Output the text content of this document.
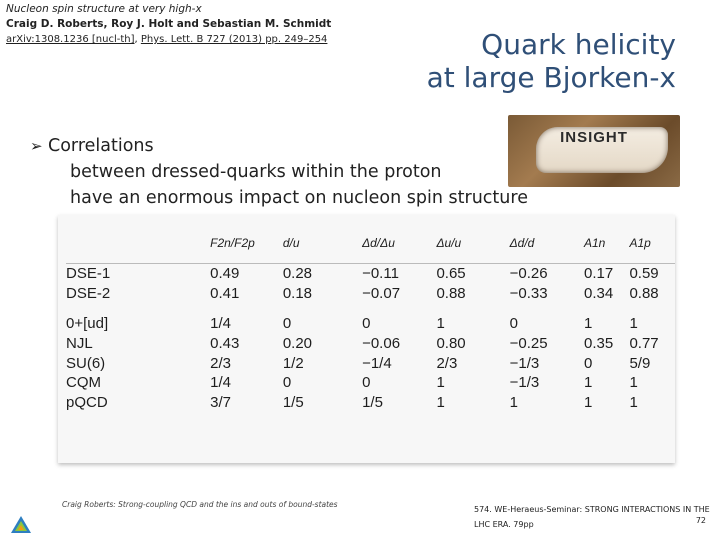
Nucleon spin structure at very high-x
Craig D. Roberts, Roy J. Holt and Sebastian M. Schmidt
arXiv:1308.1236 [nucl-th], Phys. Lett. B 727 (2013) pp. 249–254	Quark helicity
at large Bjorken-x
INSIGHT
➢ Correlations
between dressed-quarks within the proton
have an enormous impact on nucleon spin structure
	F2n/F2p	d/u	Δd/Δu	Δu/u	Δd/d	A1n	A1p
DSE-1	0.49	0.28	−0.11	0.65	−0.26	0.17	0.59
DSE-2	0.41	0.18	−0.07	0.88	−0.33	0.34	0.88
0+[ud]	1/4	0	0	1	0	1	1
NJL	0.43	0.20	−0.06	0.80	−0.25	0.35	0.77
SU(6)	2/3	1/2	−1/4	2/3	−1/3	0	5/9
CQM	1/4	0	0	1	−1/3	1	1
pQCD	3/7	1/5	1/5	1	1	1	1
Craig Roberts: Strong-coupling QCD and the ins and outs of bound-states
574. WE-Heraeus-Seminar: STRONG INTERACTIONS IN THE
LHC ERA. 79pp	72
